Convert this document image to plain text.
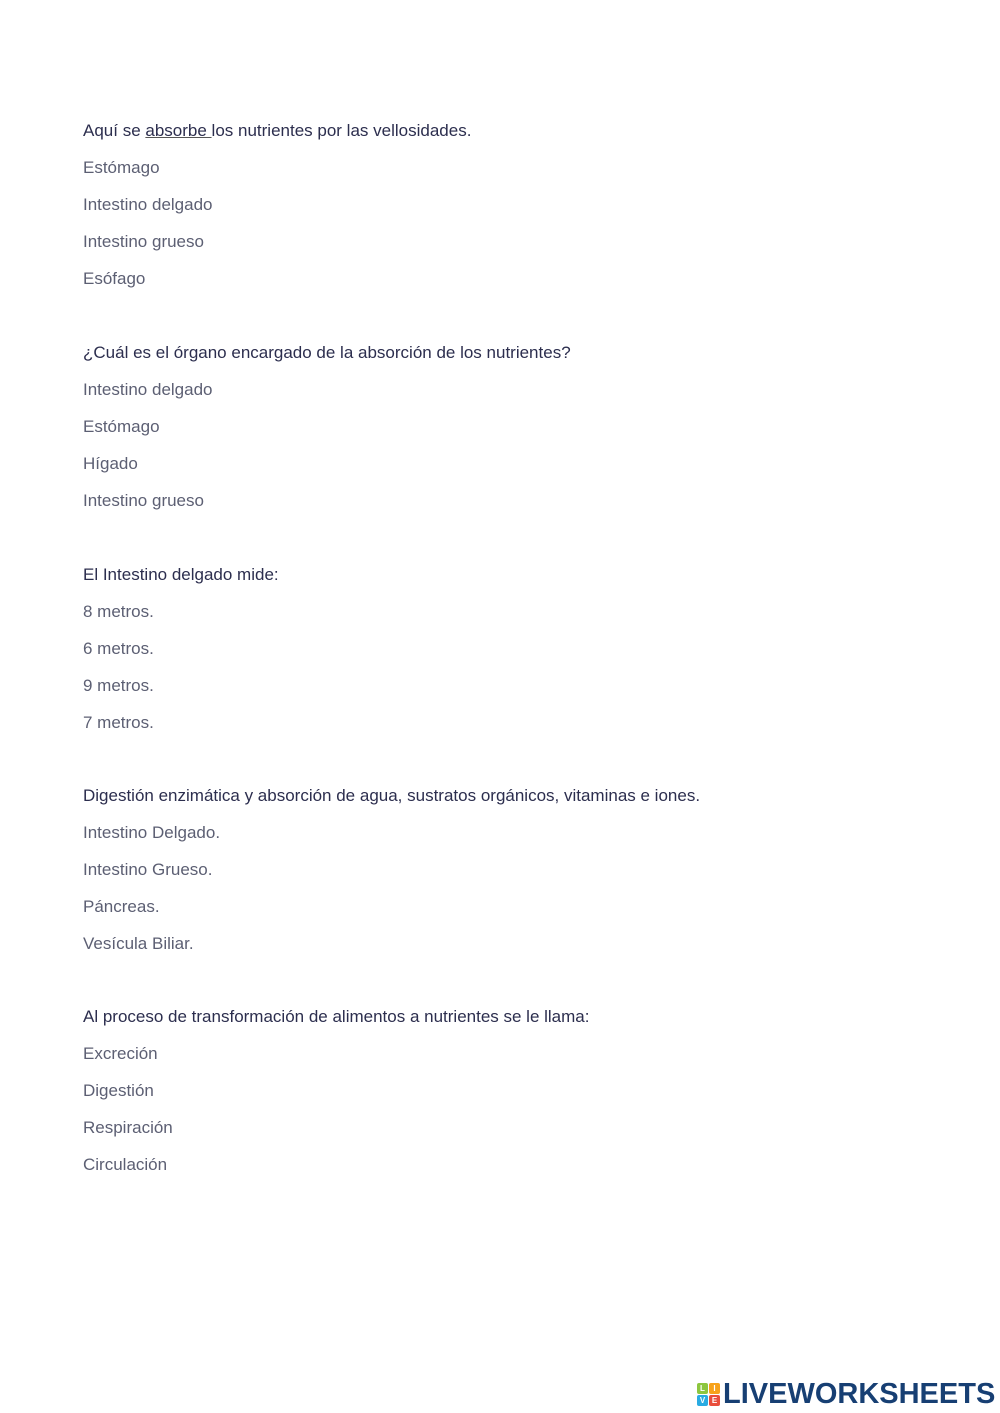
Aquí se absorbe los nutrientes por las vellosidades.
Estómago
Intestino delgado
Intestino grueso
Esófago
¿Cuál es el órgano encargado de la absorción de los nutrientes?
Intestino delgado
Estómago
Hígado
Intestino grueso
El Intestino delgado mide:
8 metros.
6 metros.
9 metros.
7 metros.
Digestión enzimática y absorción de agua, sustratos orgánicos, vitaminas e iones.
Intestino Delgado.
Intestino Grueso.
Páncreas.
Vesícula Biliar.
Al proceso de transformación de alimentos a nutrientes se le llama:
Excreción
Digestión
Respiración
Circulación
L	I
V E LIVEWORKSHEETS
